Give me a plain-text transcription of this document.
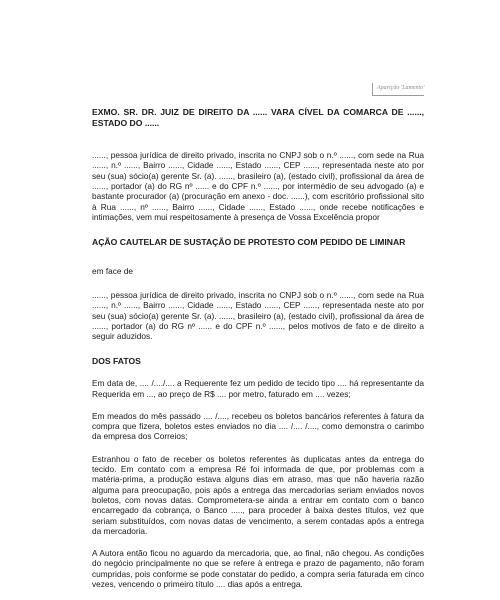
Aparição 'Lamento'

EXMO. SR. DR. JUIZ DE DIREITO DA ...... VARA CÍVEL DA COMARCA DE ......, ESTADO DO ......

......, pessoa jurídica de direito privado, inscrita no CNPJ sob o n.º ......, com sede na Rua ......, n.º ......, Bairro ......, Cidade ......, Estado ......, CEP ......, representada neste ato por seu (sua) sócio(a) gerente Sr. (a). ......, brasileiro (a), (estado civil), profissional da área de ......, portador (a) do RG nº ...... e do CPF n.º ......, por intermédio de seu advogado (a) e bastante procurador (a) (procuração em anexo - doc. ......), com escritório profissional sito à Rua ......, nº ......, Bairro ......, Cidade ......, Estado ......, onde recebe notificações e intimações, vem mui respeitosamente à presença de Vossa Excelência propor

AÇÃO CAUTELAR DE SUSTAÇÃO DE PROTESTO COM PEDIDO DE LIMINAR

em face de

......, pessoa jurídica de direito privado, inscrita no CNPJ sob o n.º ......, com sede na Rua ......, n.º ......, Bairro ......, Cidade ......, Estado ......, CEP ......, representada neste ato por seu (sua) sócio(a) gerente Sr. (a). ......, brasileiro (a), (estado civil), profissional da área de ......, portador (a) do RG nº ...... e do CPF n.º ......, pelos motivos de fato e de direito a seguir aduzidos.

DOS FATOS

Em data de, .... /..../.... a Requerente fez um pedido de tecido tipo .... há representante da Requerida em ..., ao preço de R$ .... por metro, faturado em .... vezes;

Em meados do mês passado .... /...., recebeu os boletos bancários referentes à fatura da compra que fizera, boletos estes enviados no dia .... /.... /...., como demonstra o carimbo da empresa dos Correios;

Estranhou o fato de receber os boletos referentes às duplicatas antes da entrega do tecido. Em contato com a empresa Ré foi informada de que, por problemas com a matéria-prima, a produção estava alguns dias em atraso, mas que não haveria razão alguma para preocupação, pois após a entrega das mercadorias seriam enviados novos boletos, com novas datas. Comprometera-se ainda a entrar em contato com o banco encarregado da cobrança, o Banco ....., para proceder à baixa destes títulos, vez que seriam substituídos, com novas datas de vencimento, a serem contadas após a entrega da mercadoria.

A Autora então ficou no aguardo da mercadoria, que, ao final, não chegou. As condições do negócio principalmente no que se refere à entrega e prazo de pagamento, não foram cumpridas, pois conforme se pode constatar do pedido, a compra seria faturada em cinco vezes, vencendo o primeiro título .... dias após a entrega.
